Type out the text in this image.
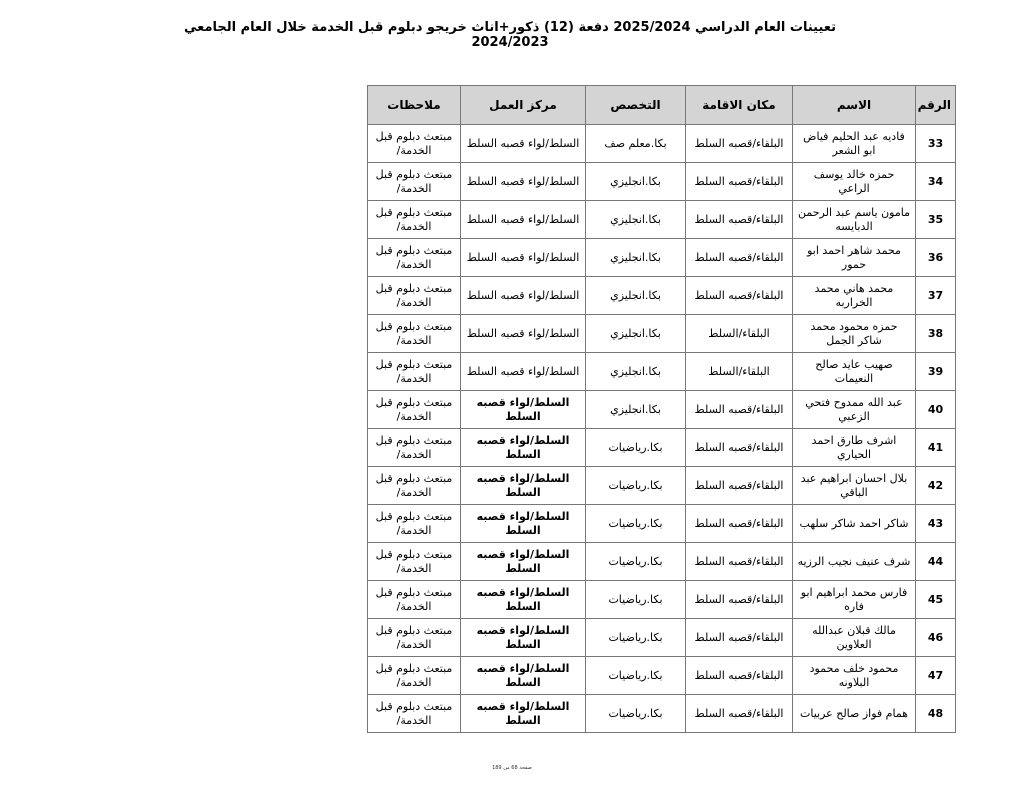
تعيينات العام الدراسي 2025/2024 دفعة (12) ذكور+اناث خريجو دبلوم قبل الخدمة خلال العام الجامعي 2024/2023
الرقم	الاسم	مكان الاقامة	التخصص	مركز العمل	ملاحظات
33	فاديه عبد الحليم فياض ابو الشعر	البلقاء/قصبه السلط	بكا.معلم صف	السلط/لواء قصبه السلط	مبتعث دبلوم قبل الخدمة/
34	حمزه خالد يوسف الراعي	البلقاء/قصبه السلط	بكا.انجليزي	السلط/لواء قصبه السلط	مبتعث دبلوم قبل الخدمة/
35	مامون ياسم عبد الرحمن الدبايسه	البلقاء/قصبه السلط	بكا.انجليزي	السلط/لواء قصبه السلط	مبتعث دبلوم قبل الخدمة/
36	محمد شاهر احمد ابو حمور	البلقاء/قصبه السلط	بكا.انجليزي	السلط/لواء قصبه السلط	مبتعث دبلوم قبل الخدمة/
37	محمد هاني محمد الخراربه	البلقاء/قصبه السلط	بكا.انجليزي	السلط/لواء قصبه السلط	مبتعث دبلوم قبل الخدمة/
38	حمزه محمود محمد شاكر الجمل	البلقاء/السلط	بكا.انجليزي	السلط/لواء قصبه السلط	مبتعث دبلوم قبل الخدمة/
39	صهيب عايد صالح النعيمات	البلقاء/السلط	بكا.انجليزي	السلط/لواء قصبه السلط	مبتعث دبلوم قبل الخدمة/
40	عبد الله ممدوح فتحي الزعبي	البلقاء/قصبه السلط	بكا.انجليزي	السلط/لواء قصبه السلط	مبتعث دبلوم قبل الخدمة/
41	اشرف طارق احمد الحياري	البلقاء/قصبه السلط	بكا.رياضيات	السلط/لواء قصبه السلط	مبتعث دبلوم قبل الخدمة/
42	بلال احسان ابراهيم عبد الباقي	البلقاء/قصبه السلط	بكا.رياضيات	السلط/لواء قصبه السلط	مبتعث دبلوم قبل الخدمة/
43	شاكر احمد شاكر سلهب	البلقاء/قصبه السلط	بكا.رياضيات	السلط/لواء قصبه السلط	مبتعث دبلوم قبل الخدمة/
44	شرف عنيف نجيب الرزيه	البلقاء/قصبه السلط	بكا.رياضيات	السلط/لواء قصبه السلط	مبتعث دبلوم قبل الخدمة/
45	فارس محمد ابراهيم ابو فاره	البلقاء/قصبه السلط	بكا.رياضيات	السلط/لواء قصبه السلط	مبتعث دبلوم قبل الخدمة/
46	مالك قبلان عبدالله العلاوين	البلقاء/قصبه السلط	بكا.رياضيات	السلط/لواء قصبه السلط	مبتعث دبلوم قبل الخدمة/
47	محمود خلف محمود البلاونه	البلقاء/قصبه السلط	بكا.رياضيات	السلط/لواء قصبه السلط	مبتعث دبلوم قبل الخدمة/
48	همام فواز صالح عربيات	البلقاء/قصبه السلط	بكا.رياضيات	السلط/لواء قصبه السلط	مبتعث دبلوم قبل الخدمة/
صفحة 68 من 189
